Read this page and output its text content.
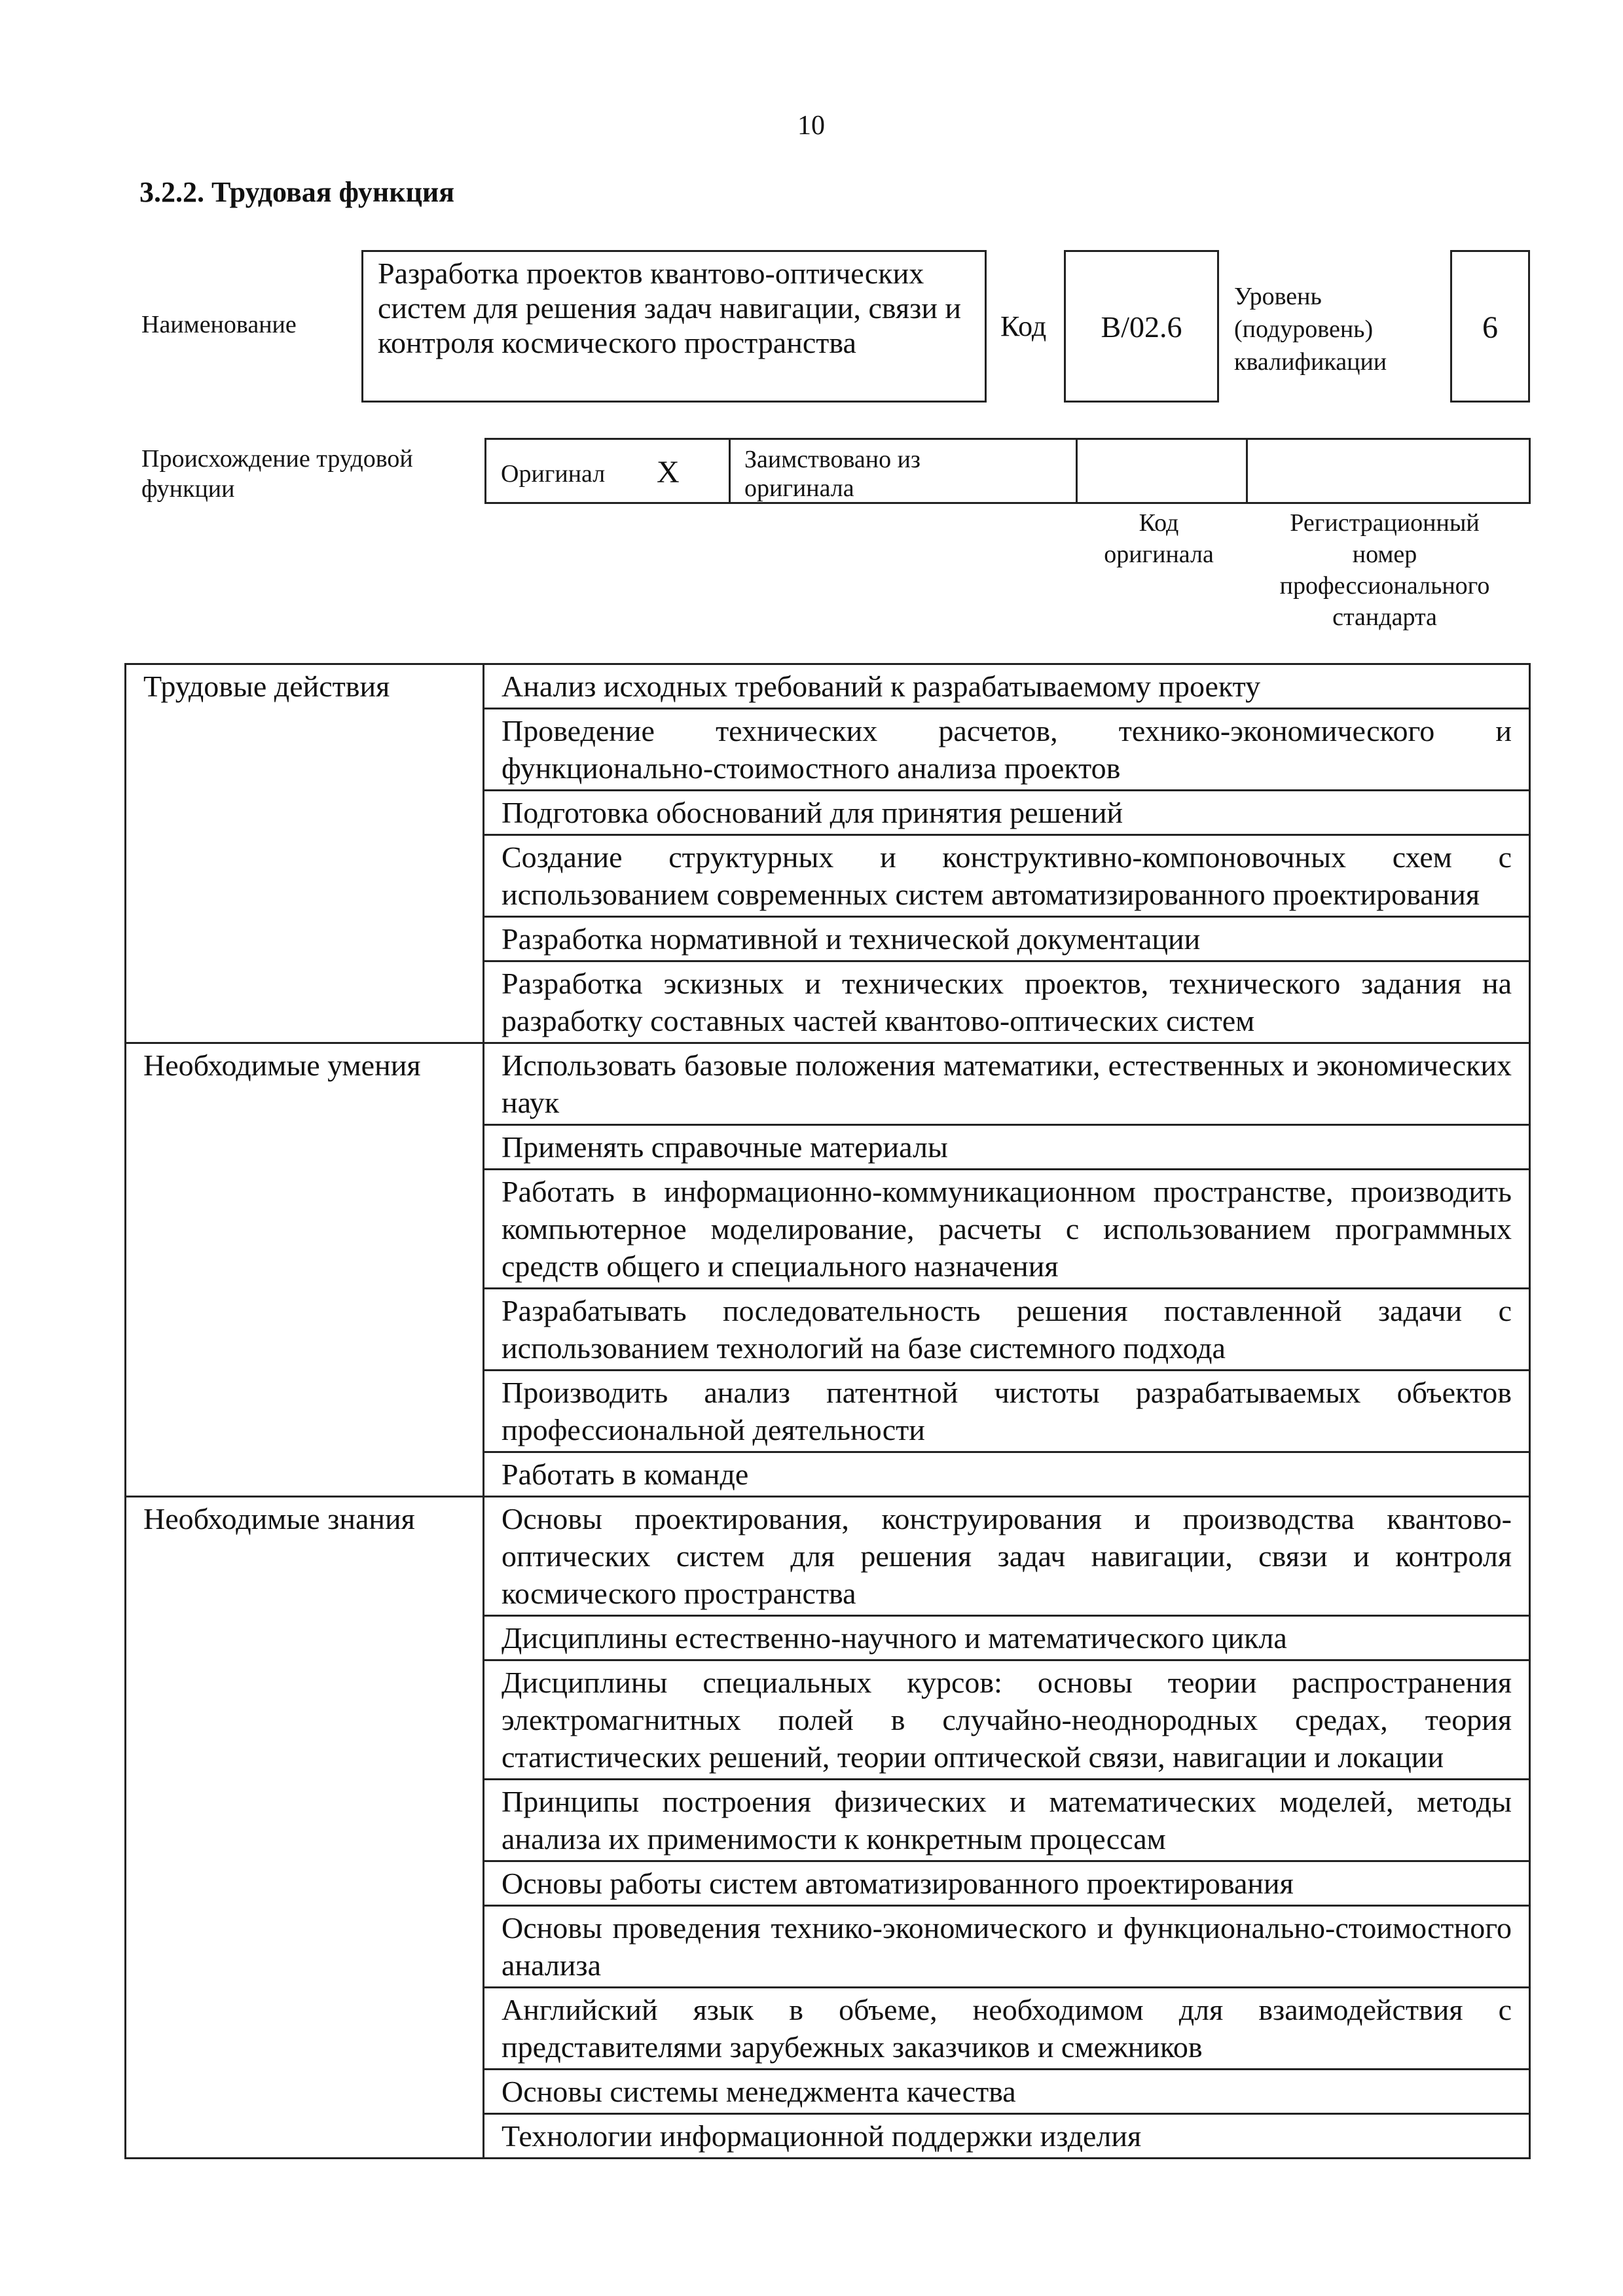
10
3.2.2. Трудовая функция
Наименование
Разработка проектов квантово-оптических систем для решения задач навигации, связи и контроля космического пространства	Код	B/02.6
Уровень (подуровень) квалификации
6
Происхождение трудовой функции
Оригинал X	Заимствовано из оригинала
Код оригинала
Регистрационный номер профессионального стандарта
Трудовые действия	Анализ исходных требований к разрабатываемому проекту
	Проведение технических расчетов, технико-экономического и функционально-стоимостного анализа проектов
	Подготовка обоснований для принятия решений
	Создание структурных и конструктивно-компоновочных схем с использованием современных систем автоматизированного проектирования
	Разработка нормативной и технической документации
	Разработка эскизных и технических проектов, технического задания на разработку составных частей квантово-оптических систем
Необходимые умения	Использовать базовые положения математики, естественных и экономических наук
	Применять справочные материалы
	Работать в информационно-коммуникационном пространстве, производить компьютерное моделирование, расчеты с использованием программных средств общего и специального назначения
	Разрабатывать последовательность решения поставленной задачи с использованием технологий на базе системного подхода
	Производить анализ патентной чистоты разрабатываемых объектов профессиональной деятельности
	Работать в команде
Необходимые знания	Основы проектирования, конструирования и производства квантово-оптических систем для решения задач навигации, связи и контроля космического пространства
	Дисциплины естественно-научного и математического цикла
	Дисциплины специальных курсов: основы теории распространения электромагнитных полей в случайно-неоднородных средах, теория статистических решений, теории оптической связи, навигации и локации
	Принципы построения физических и математических моделей, методы анализа их применимости к конкретным процессам
	Основы работы систем автоматизированного проектирования
	Основы проведения технико-экономического и функционально-стоимостного анализа
	Английский язык в объеме, необходимом для взаимодействия с представителями зарубежных заказчиков и смежников
	Основы системы менеджмента качества
	Технологии информационной поддержки изделия
